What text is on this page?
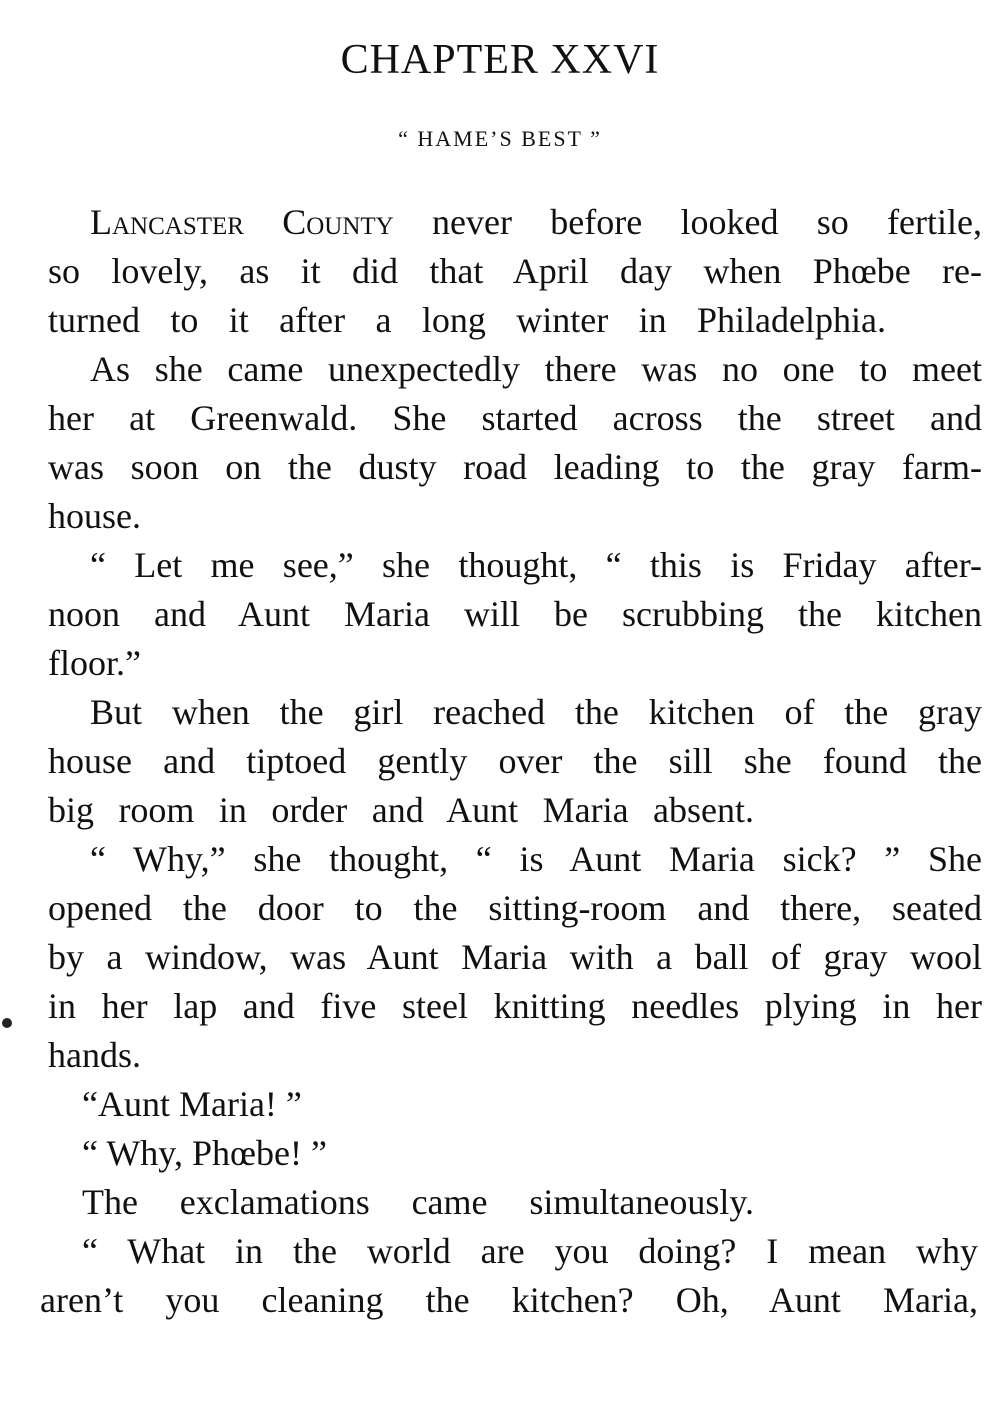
CHAPTER XXVI
“ HAME’S BEST ”
Lancaster County never before looked so fertile,
so lovely, as it did that April day when Phœbe re-
turned to it after a long winter in Philadelphia.
As she came unexpectedly there was no one to meet
her at Greenwald. She started across the street and
was soon on the dusty road leading to the gray farm-
house.
“ Let me see,” she thought, “ this is Friday after-
noon and Aunt Maria will be scrubbing the kitchen
floor.”
But when the girl reached the kitchen of the gray
house and tiptoed gently over the sill she found the
big room in order and Aunt Maria absent.
“ Why,” she thought, “ is Aunt Maria sick? ” She
opened the door to the sitting-room and there, seated
by a window, was Aunt Maria with a ball of gray wool
in her lap and five steel knitting needles plying in her
hands.
“Aunt Maria! ”
“ Why, Phœbe! ”
The exclamations came simultaneously.
“ What in the world are you doing? I mean why
aren’t you cleaning the kitchen? Oh, Aunt Maria,
